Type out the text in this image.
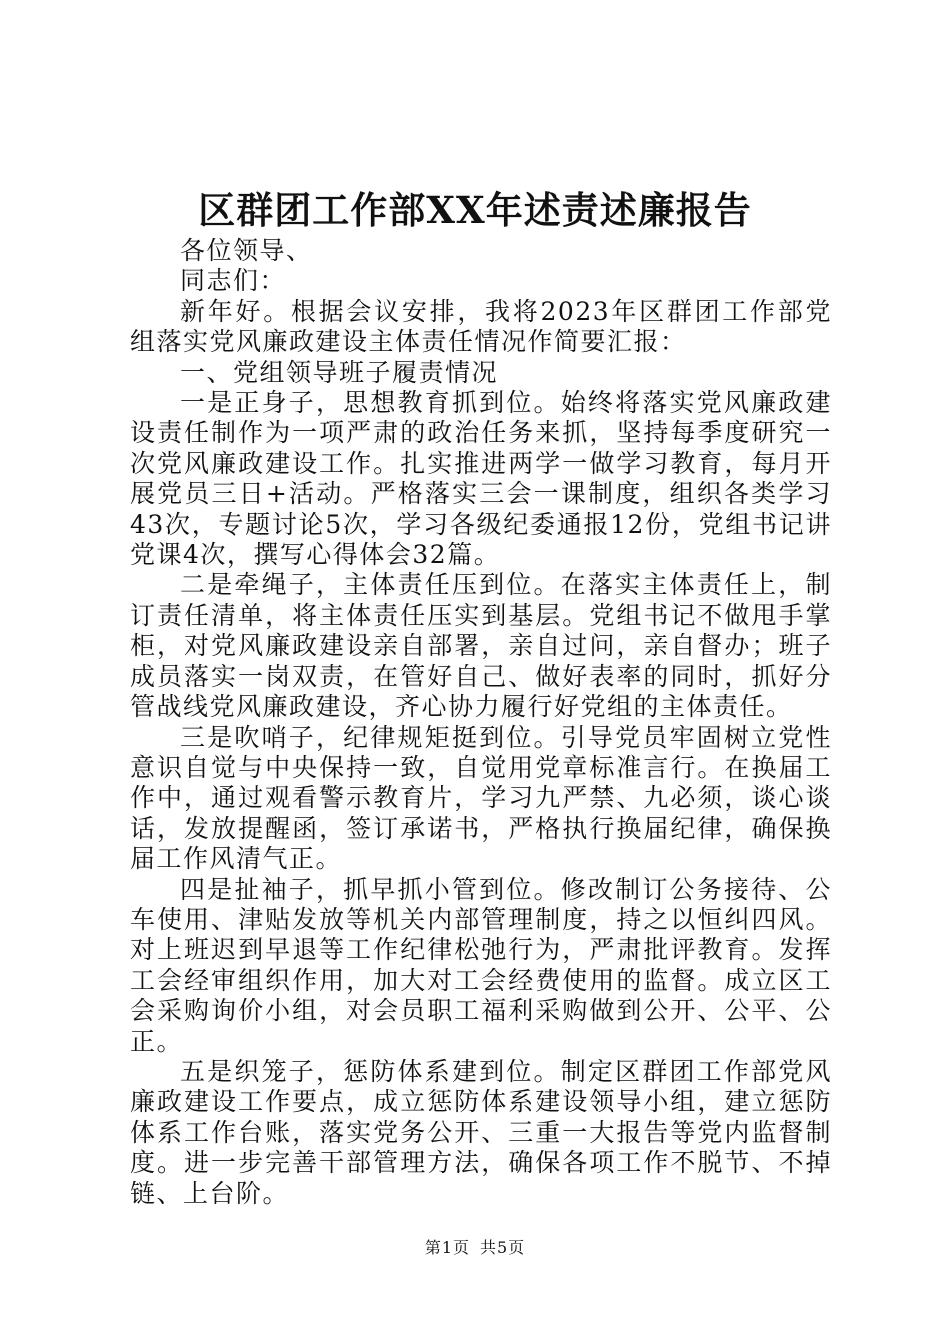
区群团工作部XX年述责述廉报告

各位领导、

同志们：

新年好。根据会议安排，我将2023年区群团工作部党组落实党风廉政建设主体责任情况作简要汇报：

一、党组领导班子履责情况

一是正身子，思想教育抓到位。始终将落实党风廉政建设责任制作为一项严肃的政治任务来抓，坚持每季度研究一次党风廉政建设工作。扎实推进两学一做学习教育，每月开展党员三日+活动。严格落实三会一课制度，组织各类学习43次，专题讨论5次，学习各级纪委通报12份，党组书记讲党课4次，撰写心得体会32篇。

二是牵绳子，主体责任压到位。在落实主体责任上，制订责任清单，将主体责任压实到基层。党组书记不做甩手掌柜，对党风廉政建设亲自部署，亲自过问，亲自督办；班子成员落实一岗双责，在管好自己、做好表率的同时，抓好分管战线党风廉政建设，齐心协力履行好党组的主体责任。

三是吹哨子，纪律规矩挺到位。引导党员牢固树立党性意识自觉与中央保持一致，自觉用党章标准言行。在换届工作中，通过观看警示教育片，学习九严禁、九必须，谈心谈话，发放提醒函，签订承诺书，严格执行换届纪律，确保换届工作风清气正。

四是扯袖子，抓早抓小管到位。修改制订公务接待、公车使用、津贴发放等机关内部管理制度，持之以恒纠四风。对上班迟到早退等工作纪律松弛行为，严肃批评教育。发挥工会经审组织作用，加大对工会经费使用的监督。成立区工会采购询价小组，对会员职工福利采购做到公开、公平、公正。

五是织笼子，惩防体系建到位。制定区群团工作部党风廉政建设工作要点，成立惩防体系建设领导小组，建立惩防体系工作台账，落实党务公开、三重一大报告等党内监督制度。进一步完善干部管理方法，确保各项工作不脱节、不掉链、上台阶。

第1页 共5页
